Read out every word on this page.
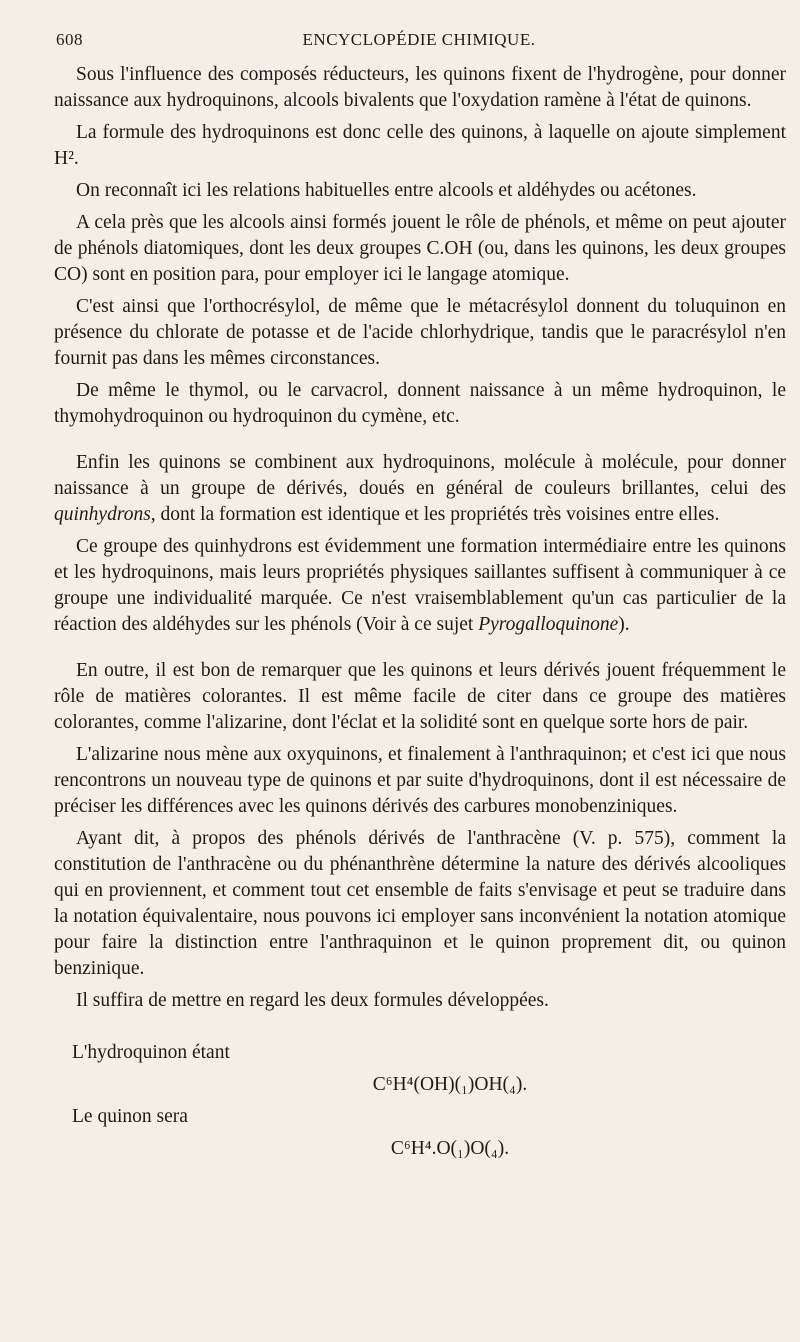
608	ENCYCLOPÉDIE CHIMIQUE.

Sous l'influence des composés réducteurs, les quinons fixent de l'hydrogène, pour donner naissance aux hydroquinons, alcools bivalents que l'oxydation ramène à l'état de quinons.

La formule des hydroquinons est donc celle des quinons, à laquelle on ajoute simplement H².

On reconnaît ici les relations habituelles entre alcools et aldéhydes ou acétones.

A cela près que les alcools ainsi formés jouent le rôle de phénols, et même on peut ajouter de phénols diatomiques, dont les deux groupes C.OH (ou, dans les quinons, les deux groupes CO) sont en position para, pour employer ici le langage atomique.

C'est ainsi que l'orthocrésylol, de même que le métacrésylol donnent du toluquinon en présence du chlorate de potasse et de l'acide chlorhydrique, tandis que le paracrésylol n'en fournit pas dans les mêmes circonstances.

De même le thymol, ou le carvacrol, donnent naissance à un même hydroquinon, le thymohydroquinon ou hydroquinon du cymène, etc.

Enfin les quinons se combinent aux hydroquinons, molécule à molécule, pour donner naissance à un groupe de dérivés, doués en général de couleurs brillantes, celui des quinhydrons, dont la formation est identique et les propriétés très voisines entre elles.

Ce groupe des quinhydrons est évidemment une formation intermédiaire entre les quinons et les hydroquinons, mais leurs propriétés physiques saillantes suffisent à communiquer à ce groupe une individualité marquée. Ce n'est vraisemblablement qu'un cas particulier de la réaction des aldéhydes sur les phénols (Voir à ce sujet Pyrogalloquinone).

En outre, il est bon de remarquer que les quinons et leurs dérivés jouent fréquemment le rôle de matières colorantes. Il est même facile de citer dans ce groupe des matières colorantes, comme l'alizarine, dont l'éclat et la solidité sont en quelque sorte hors de pair.

L'alizarine nous mène aux oxyquinons, et finalement à l'anthraquinon; et c'est ici que nous rencontrons un nouveau type de quinons et par suite d'hydroquinons, dont il est nécessaire de préciser les différences avec les quinons dérivés des carbures monobenziniques.

Ayant dit, à propos des phénols dérivés de l'anthracène (V. p. 575), comment la constitution de l'anthracène ou du phénanthrène détermine la nature des dérivés alcooliques qui en proviennent, et comment tout cet ensemble de faits s'envisage et peut se traduire dans la notation équivalentaire, nous pouvons ici employer sans inconvénient la notation atomique pour faire la distinction entre l'anthraquinon et le quinon proprement dit, ou quinon benzinique.

Il suffira de mettre en regard les deux formules développées.

L'hydroquinon étant

C⁶H⁴(OH)(₁)OH(₄).

Le quinon sera

C⁶H⁴.O(₁)O(₄).
